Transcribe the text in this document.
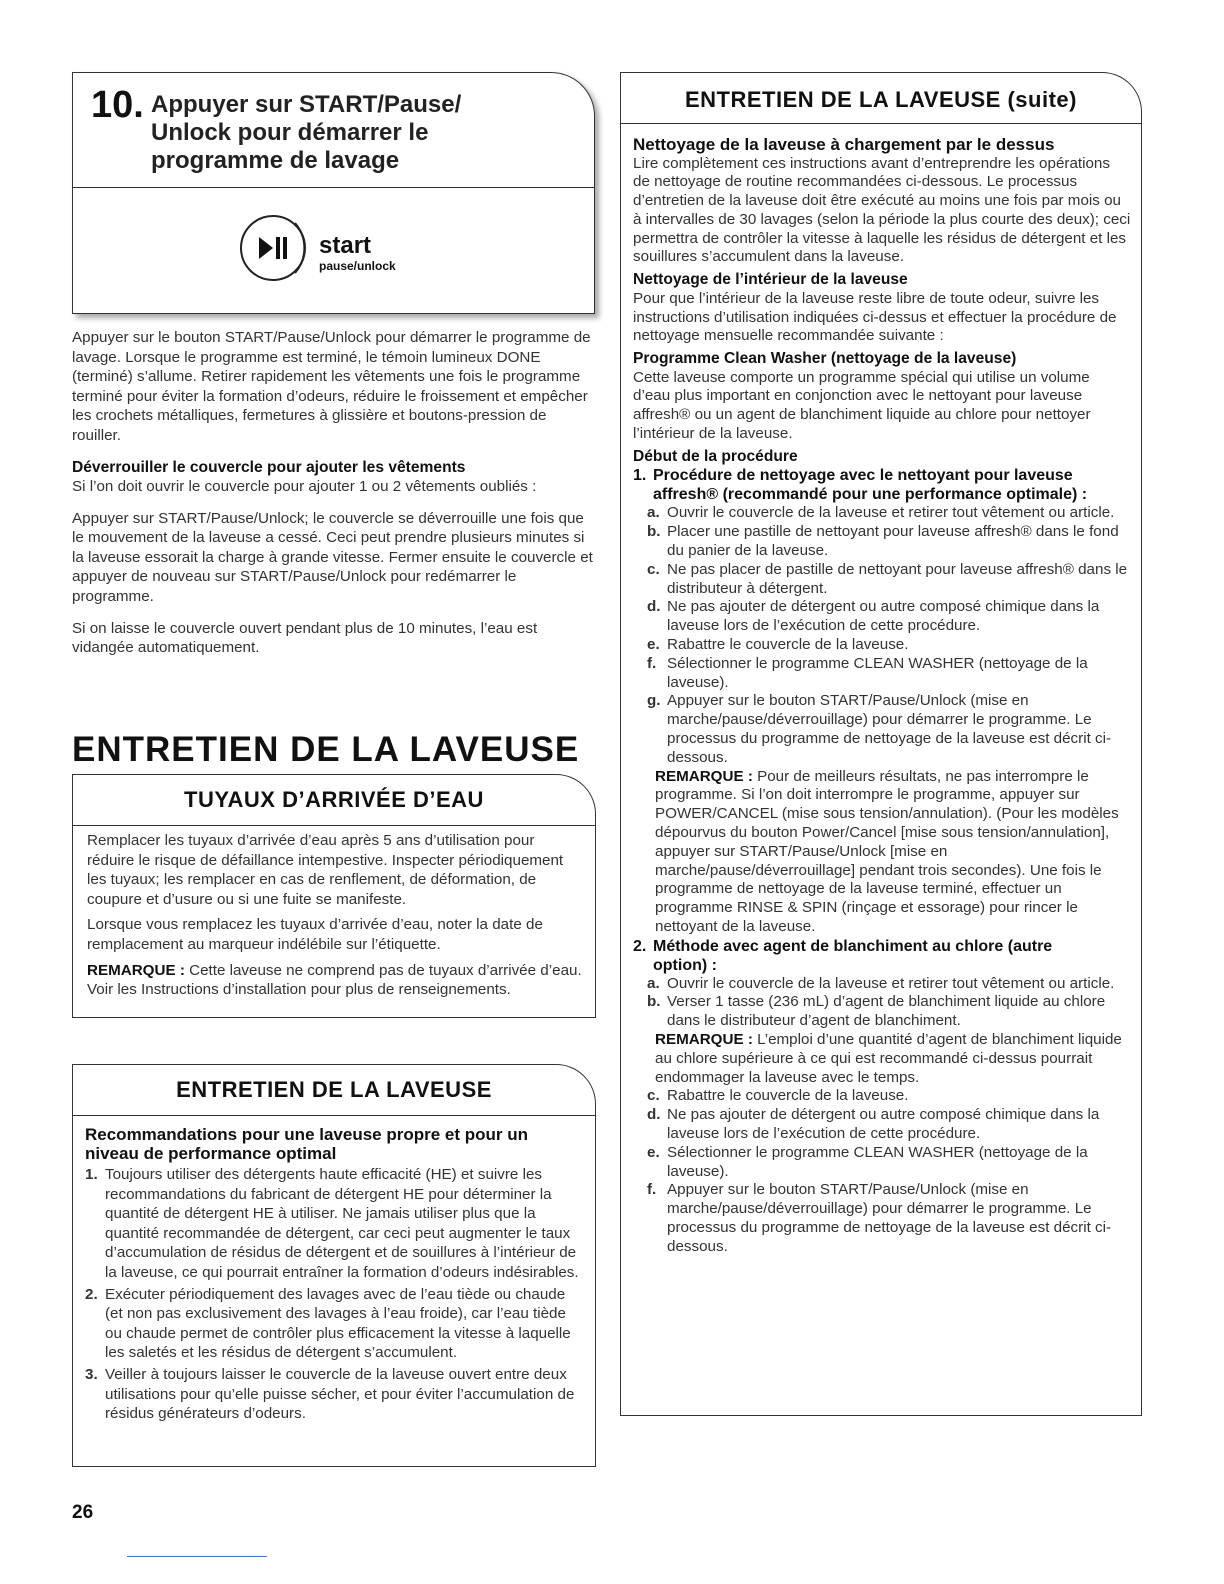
10. Appuyer sur START/Pause/ Unlock pour démarrer le programme de lavage
start
pause/unlock

Appuyer sur le bouton START/Pause/Unlock pour démarrer le programme de lavage. Lorsque le programme est terminé, le témoin lumineux DONE (terminé) s’allume. Retirer rapidement les vêtements une fois le programme terminé pour éviter la formation d’odeurs, réduire le froissement et empêcher les crochets métalliques, fermetures à glissière et boutons-pression de rouiller.

Déverrouiller le couvercle pour ajouter les vêtements

Si l’on doit ouvrir le couvercle pour ajouter 1 ou 2 vêtements oubliés :

Appuyer sur START/Pause/Unlock; le couvercle se déverrouille une fois que le mouvement de la laveuse a cessé. Ceci peut prendre plusieurs minutes si la laveuse essorait la charge à grande vitesse. Fermer ensuite le couvercle et appuyer de nouveau sur START/Pause/Unlock pour redémarrer le programme.

Si on laisse le couvercle ouvert pendant plus de 10 minutes, l’eau est vidangée automatiquement.

ENTRETIEN DE LA LAVEUSE
TUYAUX D’ARRIVÉE D’EAU

Remplacer les tuyaux d’arrivée d’eau après 5 ans d’utilisation pour réduire le risque de défaillance intempestive. Inspecter périodiquement les tuyaux; les remplacer en cas de renflement, de déformation, de coupure et d’usure ou si une fuite se manifeste.

Lorsque vous remplacez les tuyaux d’arrivée d’eau, noter la date de remplacement au marqueur indélébile sur l’étiquette.

REMARQUE : Cette laveuse ne comprend pas de tuyaux d’arrivée d’eau. Voir les Instructions d’installation pour plus de renseignements.

ENTRETIEN DE LA LAVEUSE

Recommandations pour une laveuse propre et pour un niveau de performance optimal

1. Toujours utiliser des détergents haute efficacité (HE) et suivre les recommandations du fabricant de détergent HE pour déterminer la quantité de détergent HE à utiliser. Ne jamais utiliser plus que la quantité recommandée de détergent, car ceci peut augmenter le taux d’accumulation de résidus de détergent et de souillures à l’intérieur de la laveuse, ce qui pourrait entraîner la formation d’odeurs indésirables.
2. Exécuter périodiquement des lavages avec de l’eau tiède ou chaude (et non pas exclusivement des lavages à l’eau froide), car l’eau tiède ou chaude permet de contrôler plus efficacement la vitesse à laquelle les saletés et les résidus de détergent s’accumulent.
3. Veiller à toujours laisser le couvercle de la laveuse ouvert entre deux utilisations pour qu’elle puisse sécher, et pour éviter l’accumulation de résidus générateurs d’odeurs.
ENTRETIEN DE LA LAVEUSE (suite)

Nettoyage de la laveuse à chargement par le dessus

Lire complètement ces instructions avant d’entreprendre les opérations de nettoyage de routine recommandées ci-dessous. Le processus d’entretien de la laveuse doit être exécuté au moins une fois par mois ou à intervalles de 30 lavages (selon la période la plus courte des deux); ceci permettra de contrôler la vitesse à laquelle les résidus de détergent et les souillures s’accumulent dans la laveuse.

Nettoyage de l’intérieur de la laveuse

Pour que l’intérieur de la laveuse reste libre de toute odeur, suivre les instructions d’utilisation indiquées ci-dessus et effectuer la procédure de nettoyage mensuelle recommandée suivante :

Programme Clean Washer (nettoyage de la laveuse)

Cette laveuse comporte un programme spécial qui utilise un volume d’eau plus important en conjonction avec le nettoyant pour laveuse affresh® ou un agent de blanchiment liquide au chlore pour nettoyer l’intérieur de la laveuse.

Début de la procédure

1. Procédure de nettoyage avec le nettoyant pour laveuse affresh® (recommandé pour une performance optimale) :
a. Ouvrir le couvercle de la laveuse et retirer tout vêtement ou article.
b. Placer une pastille de nettoyant pour laveuse affresh® dans le fond du panier de la laveuse.
c. Ne pas placer de pastille de nettoyant pour laveuse affresh® dans le distributeur à détergent.
d. Ne pas ajouter de détergent ou autre composé chimique dans la laveuse lors de l’exécution de cette procédure.
e. Rabattre le couvercle de la laveuse.
f. Sélectionner le programme CLEAN WASHER (nettoyage de la laveuse).
g. Appuyer sur le bouton START/Pause/Unlock (mise en marche/pause/déverrouillage) pour démarrer le programme. Le processus du programme de nettoyage de la laveuse est décrit ci-dessous.

REMARQUE : Pour de meilleurs résultats, ne pas interrompre le programme. Si l’on doit interrompre le programme, appuyer sur POWER/CANCEL (mise sous tension/annulation). (Pour les modèles dépourvus du bouton Power/Cancel [mise sous tension/annulation], appuyer sur START/Pause/Unlock [mise en marche/pause/déverrouillage] pendant trois secondes). Une fois le programme de nettoyage de la laveuse terminé, effectuer un programme RINSE & SPIN (rinçage et essorage) pour rincer le nettoyant de la laveuse.

2. Méthode avec agent de blanchiment au chlore (autre option) :
a. Ouvrir le couvercle de la laveuse et retirer tout vêtement ou article.
b. Verser 1 tasse (236 mL) d’agent de blanchiment liquide au chlore dans le distributeur d’agent de blanchiment.

REMARQUE : L’emploi d’une quantité d’agent de blanchiment liquide au chlore supérieure à ce qui est recommandé ci-dessus pourrait endommager la laveuse avec le temps.

c. Rabattre le couvercle de la laveuse.
d. Ne pas ajouter de détergent ou autre composé chimique dans la laveuse lors de l’exécution de cette procédure.
e. Sélectionner le programme CLEAN WASHER (nettoyage de la laveuse).
f. Appuyer sur le bouton START/Pause/Unlock (mise en marche/pause/déverrouillage) pour démarrer le programme. Le processus du programme de nettoyage de la laveuse est décrit ci-dessous.
26
